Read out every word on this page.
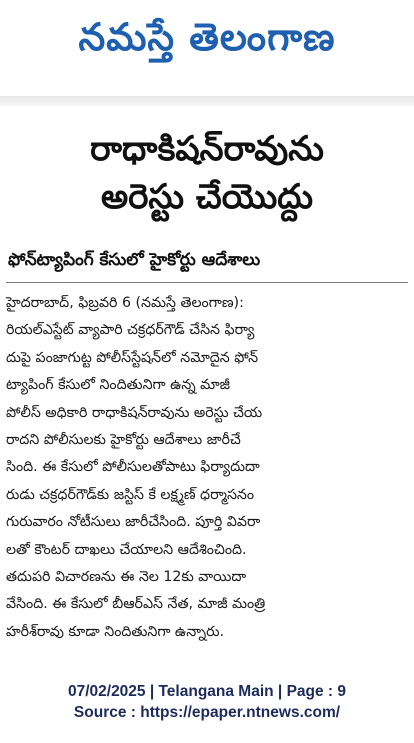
నమస్తే తెలంగాణ
రాధాకిషన్‌రావును
అరెస్టు చేయొద్దు
ఫోన్‌ట్యాపింగ్ కేసులో హైకోర్టు ఆదేశాలు
హైదరాబాద్, ఫిబ్రవరి 6 (నమస్తే తెలంగాణ):
రియల్‌ఎస్టేట్ వ్యాపారి చక్రధర్‌గౌడ్ చేసిన ఫిర్యా
దుపై పంజాగుట్ట పోలీస్‌స్టేషన్‌లో నమోదైన ఫోన్
ట్యాపింగ్ కేసులో నిందితునిగా ఉన్న మాజీ
పోలీస్ అధికారి రాధాకిషన్‌రావును అరెస్టు చేయ
రాదని పోలీసులకు హైకోర్టు ఆదేశాలు జారీచే
సింది. ఈ కేసులో పోలీసులతోపాటు ఫిర్యాదుదా
రుడు చక్రధర్‌గౌడ్‌కు జస్టిస్ కే లక్ష్మణ్ ధర్మాసనం
గురువారం నోటీసులు జారీచేసింది. పూర్తి వివరా
లతో కౌంటర్ దాఖలు చేయాలని ఆదేశించింది.
తదుపరి విచారణను ఈ నెల 12కు వాయిదా
వేసింది. ఈ కేసులో బీఆర్‌ఎస్ నేత, మాజీ మంత్రి
హరీశ్‌రావు కూడా నిందితునిగా ఉన్నారు.
07/02/2025 | Telangana Main | Page : 9
Source : https://epaper.ntnews.com/
